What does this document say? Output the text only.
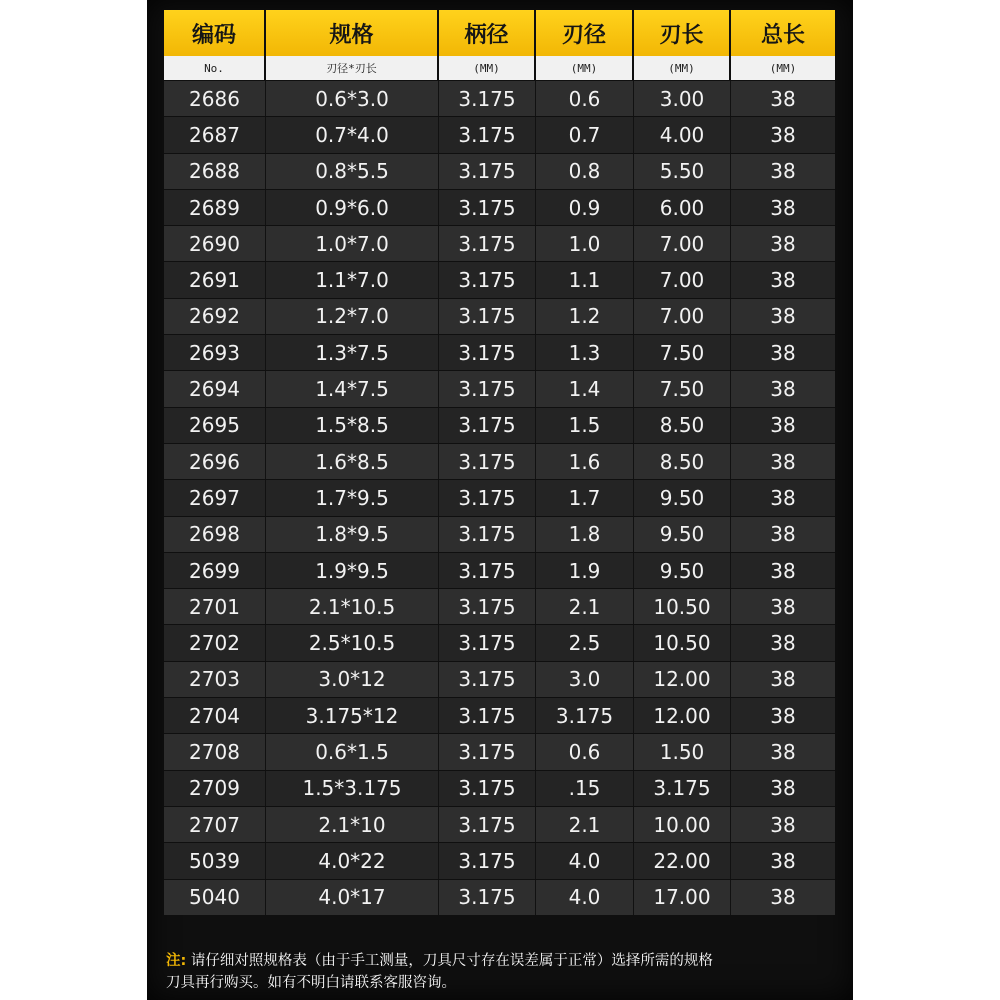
编码	规格	柄径	刃径	刃长	总长
No.	刃径*刃长	(MM)	(MM)	(MM)	(MM)
2686	0.6*3.0	3.175	0.6	3.00	38
2687	0.7*4.0	3.175	0.7	4.00	38
2688	0.8*5.5	3.175	0.8	5.50	38
2689	0.9*6.0	3.175	0.9	6.00	38
2690	1.0*7.0	3.175	1.0	7.00	38
2691	1.1*7.0	3.175	1.1	7.00	38
2692	1.2*7.0	3.175	1.2	7.00	38
2693	1.3*7.5	3.175	1.3	7.50	38
2694	1.4*7.5	3.175	1.4	7.50	38
2695	1.5*8.5	3.175	1.5	8.50	38
2696	1.6*8.5	3.175	1.6	8.50	38
2697	1.7*9.5	3.175	1.7	9.50	38
2698	1.8*9.5	3.175	1.8	9.50	38
2699	1.9*9.5	3.175	1.9	9.50	38
2701	2.1*10.5	3.175	2.1	10.50	38
2702	2.5*10.5	3.175	2.5	10.50	38
2703	3.0*12	3.175	3.0	12.00	38
2704	3.175*12	3.175	3.175	12.00	38
2708	0.6*1.5	3.175	0.6	1.50	38
2709	1.5*3.175	3.175	.15	3.175	38
2707	2.1*10	3.175	2.1	10.00	38
5039	4.0*22	3.175	4.0	22.00	38
5040	4.0*17	3.175	4.0	17.00	38
注: 请仔细对照规格表（由于手工测量，刀具尺寸存在误差属于正常）选择所需的规格
刀具再行购买。如有不明白请联系客服咨询。
